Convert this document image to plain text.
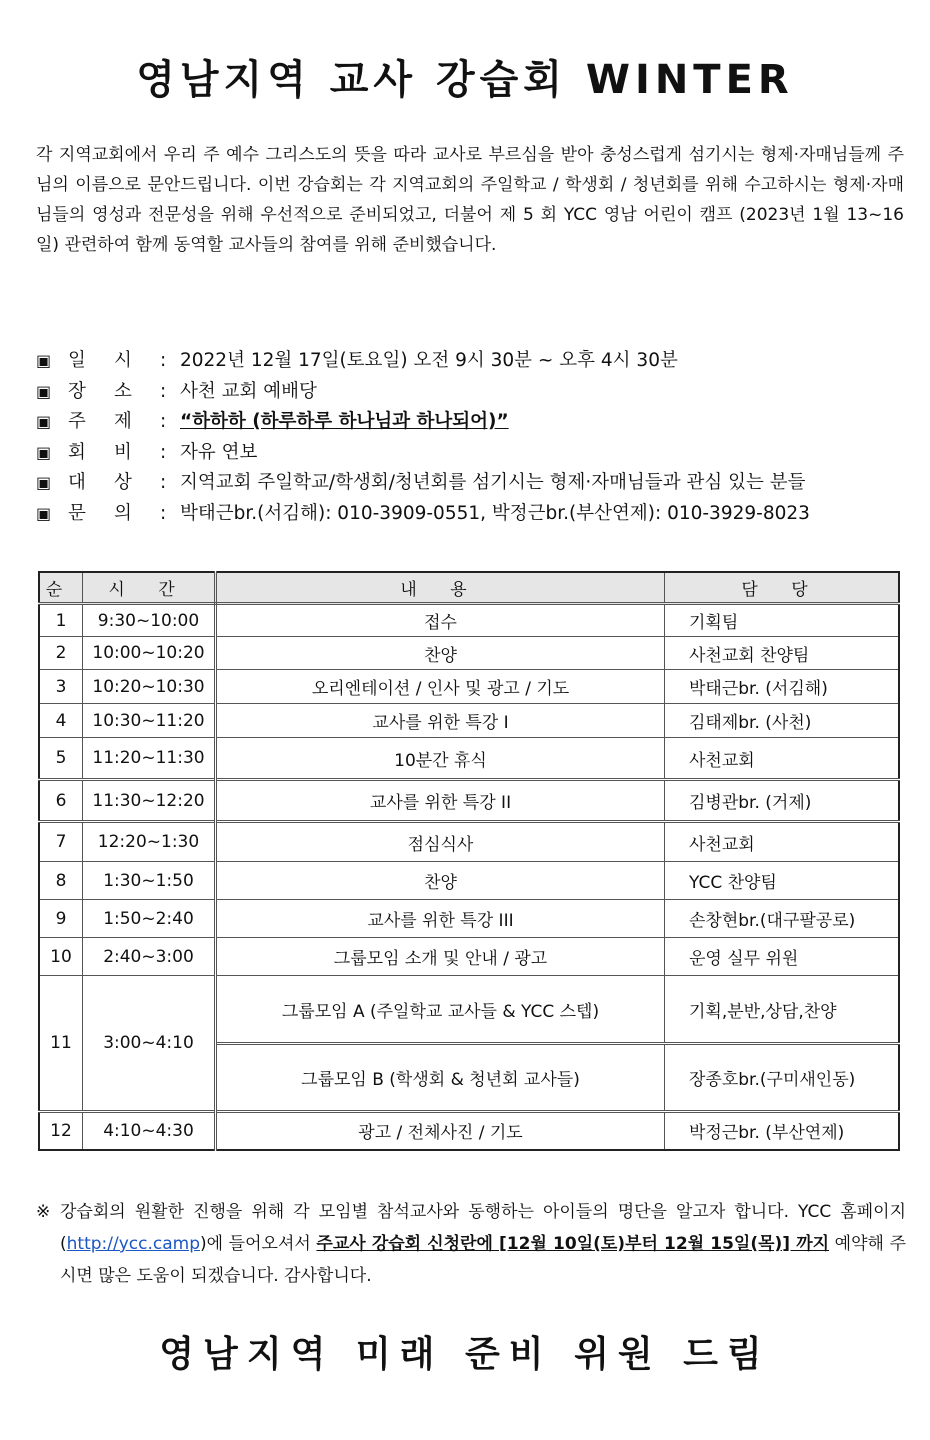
영남지역 교사 강습회 WINTER

각 지역교회에서 우리 주 예수 그리스도의 뜻을 따라 교사로 부르심을 받아 충성스럽게 섬기시는 형제·자매님들께 주님의 이름으로 문안드립니다. 이번 강습회는 각 지역교회의 주일학교 / 학생회 / 청년회를 위해 수고하시는 형제·자매님들의 영성과 전문성을 위해 우선적으로 준비되었고, 더불어 제 5 회 YCC 영남 어린이 캠프 (2023년 1월 13~16일) 관련하여 함께 동역할 교사들의 참여를 위해 준비했습니다.

▣ 일 시 : 2022년 12월 17일(토요일) 오전 9시 30분 ~ 오후 4시 30분
▣ 장 소 : 사천 교회 예배당
▣ 주 제 : “하하하 (하루하루 하나님과 하나되어)”
▣ 회 비 : 자유 연보
▣ 대 상 : 지역교회 주일학교/학생회/청년회를 섬기시는 형제·자매님들과 관심 있는 분들
▣ 문 의 : 박태근br.(서김해): 010-3909-0551, 박정근br.(부산연제): 010-3929-8023
순	시 간	내 용	담 당
1	9:30~10:00	접수	기획팀
2	10:00~10:20	찬양	사천교회 찬양팀
3	10:20~10:30	오리엔테이션 / 인사 및 광고 / 기도	박태근br. (서김해)
4	10:30~11:20	교사를 위한 특강 I	김태제br. (사천)
5	11:20~11:30	10분간 휴식	사천교회
6	11:30~12:20	교사를 위한 특강 II	김병관br. (거제)
7	12:20~1:30	점심식사	사천교회
8	1:30~1:50	찬양	YCC 찬양팀
9	1:50~2:40	교사를 위한 특강 III	손창현br.(대구팔공로)
10	2:40~3:00	그룹모임 소개 및 안내 / 광고	운영 실무 위원
11	3:00~4:10	그룹모임 A (주일학교 교사들 & YCC 스텝)	기획,분반,상담,찬양
		그룹모임 B (학생회 & 청년회 교사들)	장종호br.(구미새인동)
12	4:10~4:30	광고 / 전체사진 / 기도	박정근br. (부산연제)
※ 강습회의 원활한 진행을 위해 각 모임별 참석교사와 동행하는 아이들의 명단을 알고자 합니다. YCC 홈페이지(http://ycc.camp)에 들어오셔서 주교사 강습회 신청란에 [12월 10일(토)부터 12월 15일(목)] 까지 예약해 주시면 많은 도움이 되겠습니다. 감사합니다.
영남지역 미래 준비 위원 드림
